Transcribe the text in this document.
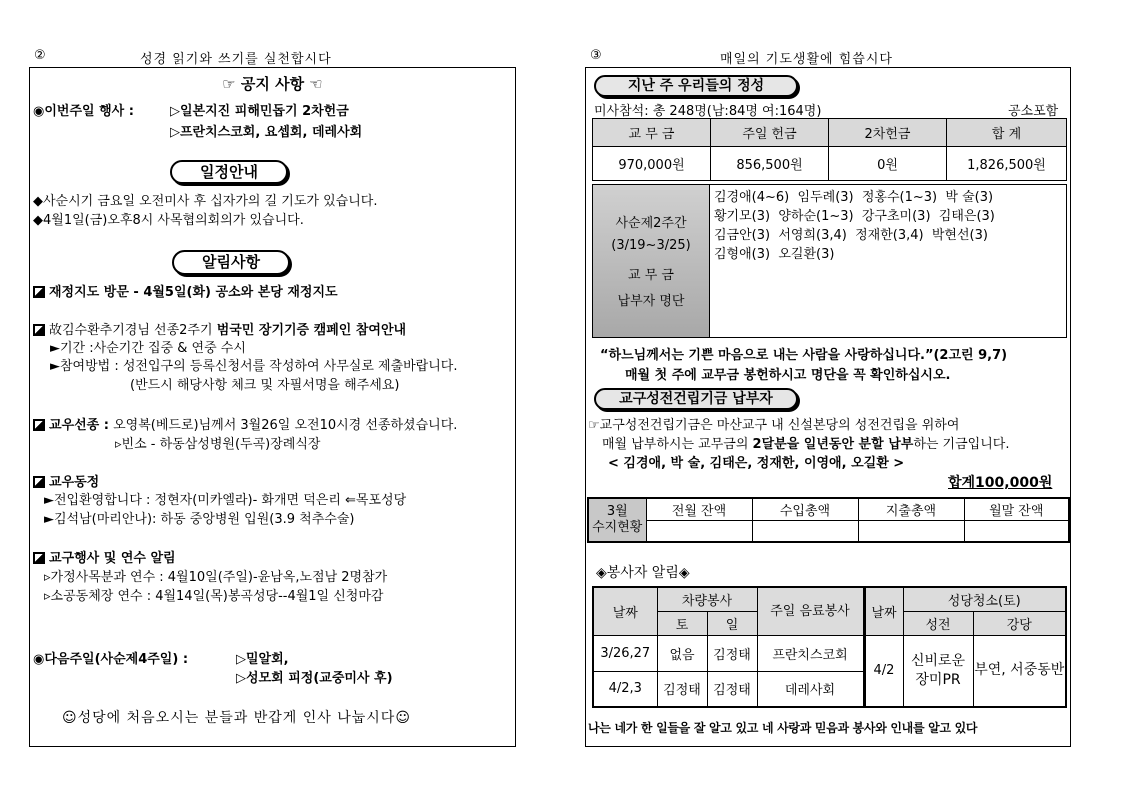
②	성경 읽기와 쓰기를 실천합시다
☞ 공지 사항 ☜
◉이번주일 행사 :	▷일본지진 피해민돕기 2차헌금
▷프란치스코회, 요셉회, 데레사회
일정안내
◆사순시기 금요일 오전미사 후 십자가의 길 기도가 있습니다.
◆4월1일(금)오후8시 사목협의회의가 있습니다.
알림사항
재정지도 방문 - 4월5일(화) 공소와 본당 재정지도
故김수환추기경님 선종2주기 범국민 장기기증 캠페인 참여안내
►기간 :사순기간 집중 & 연중 수시
►참여방법 : 성전입구의 등록신청서를 작성하여 사무실로 제출바랍니다.
(반드시 해당사항 체크 및 자필서명을 해주세요)
교우선종 : 오영복(베드로)님께서 3월26일 오전10시경 선종하셨습니다.
▹빈소 - 하동삼성병원(두곡)장례식장
교우동정
►전입환영합니다 : 정현자(미카엘라)- 화개면 덕은리 ⇐목포성당
►김석남(마리안나): 하동 중앙병원 입원(3.9 척추수술)
교구행사 및 연수 알림
▹가정사목분과 연수 : 4월10일(주일)-윤남옥,노점남 2명참가
▹소공동체장 연수 : 4월14일(목)봉곡성당--4월1일 신청마감
◉다음주일(사순제4주일) :	▷밀알회,
▷성모회 피정(교중미사 후)
☺성당에 처음오시는 분들과 반갑게 인사 나눕시다☺
③	매일의 기도생활에 힘씁시다
지난 주 우리들의 정성
미사참석: 총 248명(남:84명 여:164명)	공소포함
교 무 금	주일 헌금	2차헌금	합 계
970,000원	856,500원	0원	1,826,500원
사순제2주간
(3/19~3/25)
교 무 금
납부자 명단
김경애(4~6)  임두례(3)  정홍수(1~3)  박 술(3)
황기모(3)  양하순(1~3)  강구초미(3)  김태은(3)
김금안(3)  서영희(3,4)  정재한(3,4)  박현선(3)
김형애(3)  오길환(3)
“하느님께서는 기쁜 마음으로 내는 사람을 사랑하십니다.”(2고린 9,7)
매월 첫 주에 교무금 봉헌하시고 명단을 꼭 확인하십시오.
교구성전건립기금 납부자
☞교구성전건립기금은 마산교구 내 신설본당의 성전건립을 위하여
매월 납부하시는 교무금의 2달분을 일년동안 분할 납부하는 기금입니다.
< 김경애, 박 술, 김태은, 정재한, 이영애, 오길환 >
합계100,000원
3월
수지현황	전월 잔액	수입총액	지출총액	월말 잔액

◈봉사자 알림◈
날짜	차량봉사		주일 음료봉사		날짜	성당청소(토)	
	토	일				성전	강당
3/26,27	없음	김정태	프란치스코회		4/2	신비로운 장미PR	부연, 서중동반
4/2,3	김정태	김정태	데레사회				
나는 네가 한 일들을 잘 알고 있고 네 사랑과 믿음과 봉사와 인내를 알고 있다
